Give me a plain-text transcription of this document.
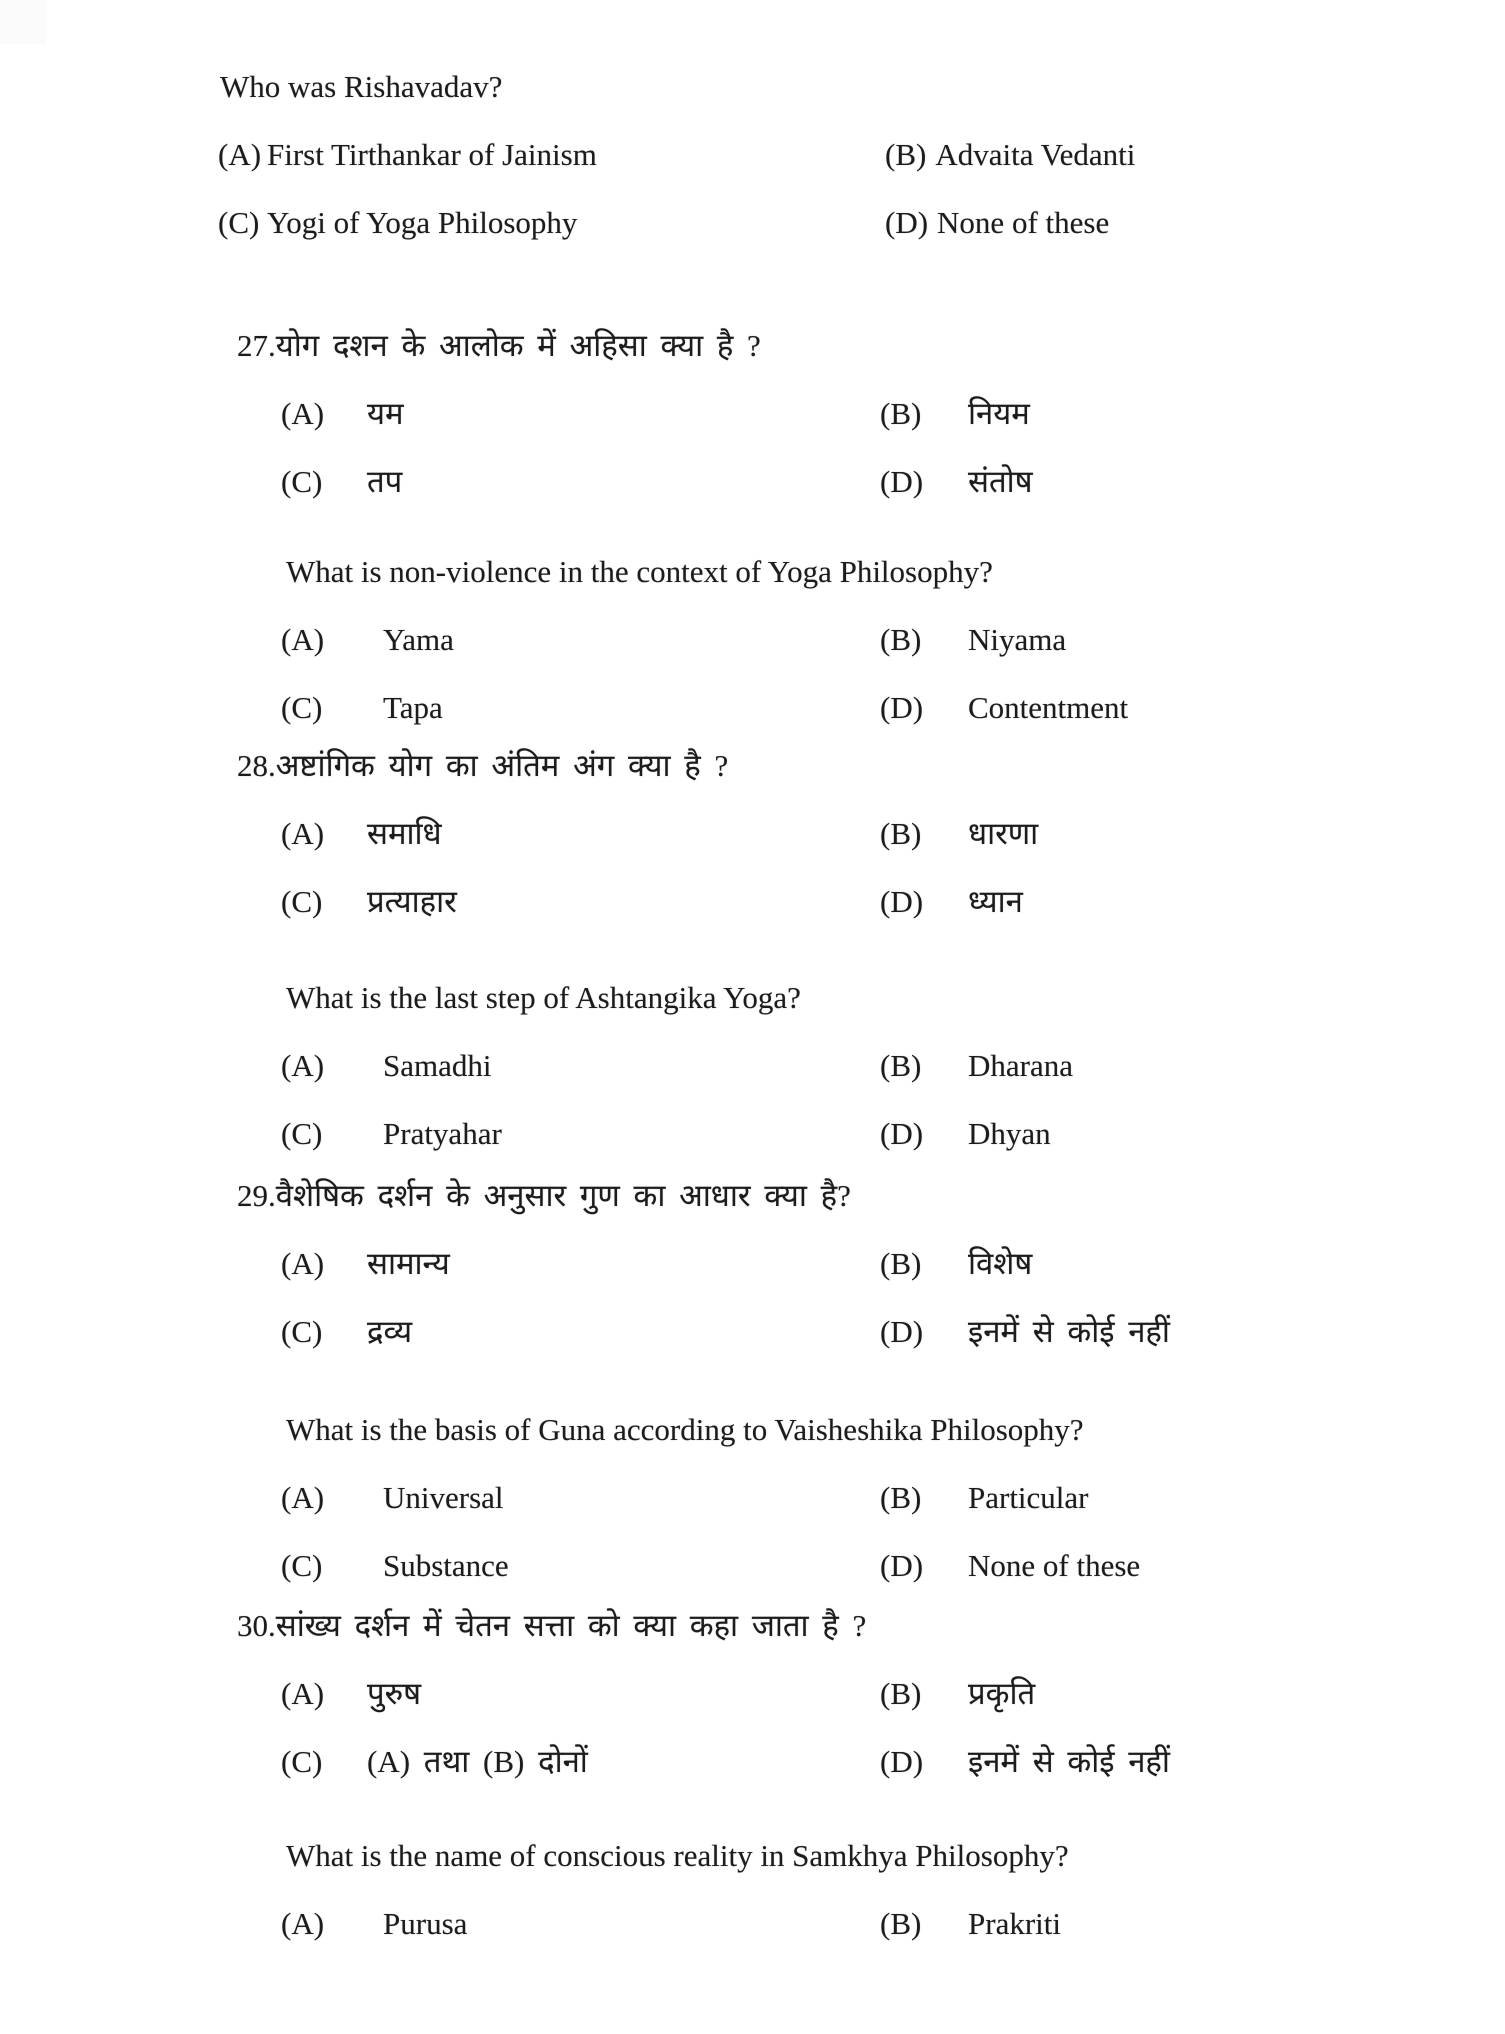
Who was Rishavadav?
(A) First Tirthankar of Jainism	(B) Advaita Vedanti
(C) Yogi of Yoga Philosophy	(D) None of these
27. योग दशन के आलोक में अहिसा क्या है ?
(A)	यम	(B)	नियम
(C)	तप	(D)	संतोष
What is non-violence in the context of Yoga Philosophy?
(A)	Yama	(B)	Niyama
(C)	Tapa	(D)	Contentment
28. अष्टांगिक योग का अंतिम अंग क्या है ?
(A)	समाधि	(B)	धारणा
(C)	प्रत्याहार	(D)	ध्यान
What is the last step of Ashtangika Yoga?
(A)	Samadhi	(B)	Dharana
(C)	Pratyahar	(D)	Dhyan
29. वैशेषिक दर्शन के अनुसार गुण का आधार क्या है?
(A)	सामान्य	(B)	विशेष
(C)	द्रव्य	(D)	इनमें से कोई नहीं
What is the basis of Guna according to Vaisheshika Philosophy?
(A)	Universal	(B)	Particular
(C)	Substance	(D)	None of these
30. सांख्य दर्शन में चेतन सत्ता को क्या कहा जाता है ?
(A)	पुरुष	(B)	प्रकृति
(C)	(A) तथा (B) दोनों	(D)	इनमें से कोई नहीं
What is the name of conscious reality in Samkhya Philosophy?
(A)	Purusa	(B)	Prakriti
